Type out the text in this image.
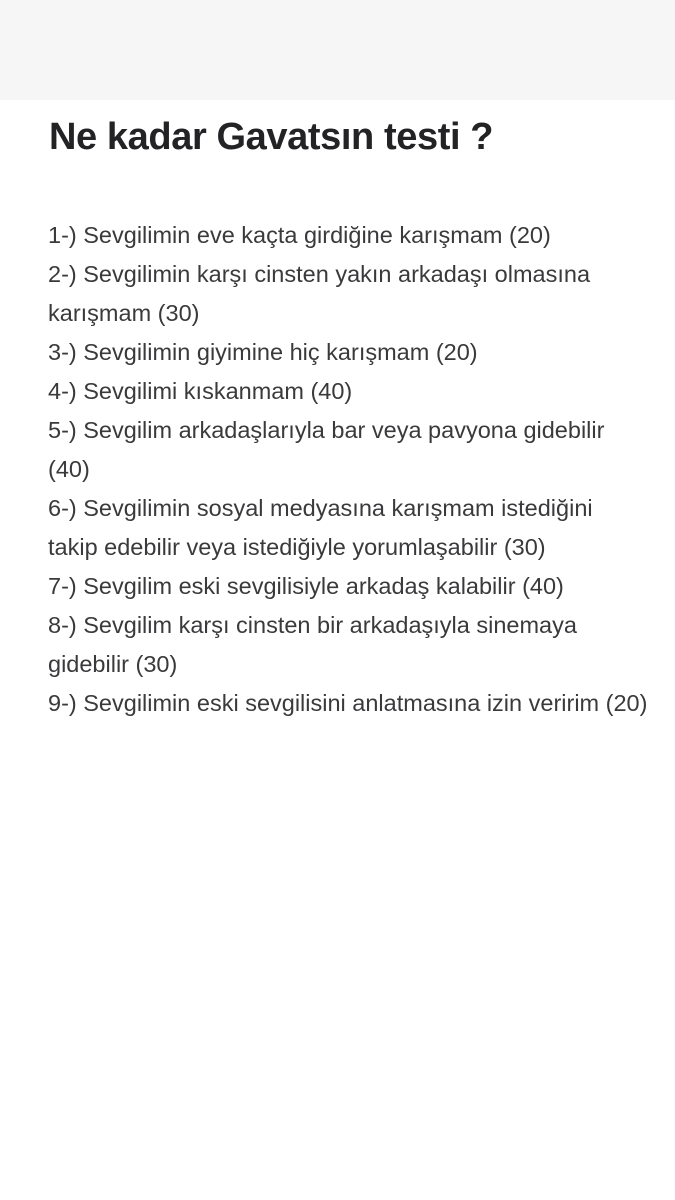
Ne kadar Gavatsın testi ?
1-) Sevgilimin eve kaçta girdiğine karışmam (20)
2-) Sevgilimin karşı cinsten yakın arkadaşı olmasına karışmam (30)
3-) Sevgilimin giyimine hiç karışmam (20)
4-) Sevgilimi kıskanmam (40)
5-) Sevgilim arkadaşlarıyla bar veya pavyona gidebilir (40)
6-) Sevgilimin sosyal medyasına karışmam istediğini takip edebilir veya istediğiyle yorumlaşabilir (30)
7-) Sevgilim eski sevgilisiyle arkadaş kalabilir (40)
8-) Sevgilim karşı cinsten bir arkadaşıyla sinemaya gidebilir (30)
9-) Sevgilimin eski sevgilisini anlatmasına izin veririm (20)
